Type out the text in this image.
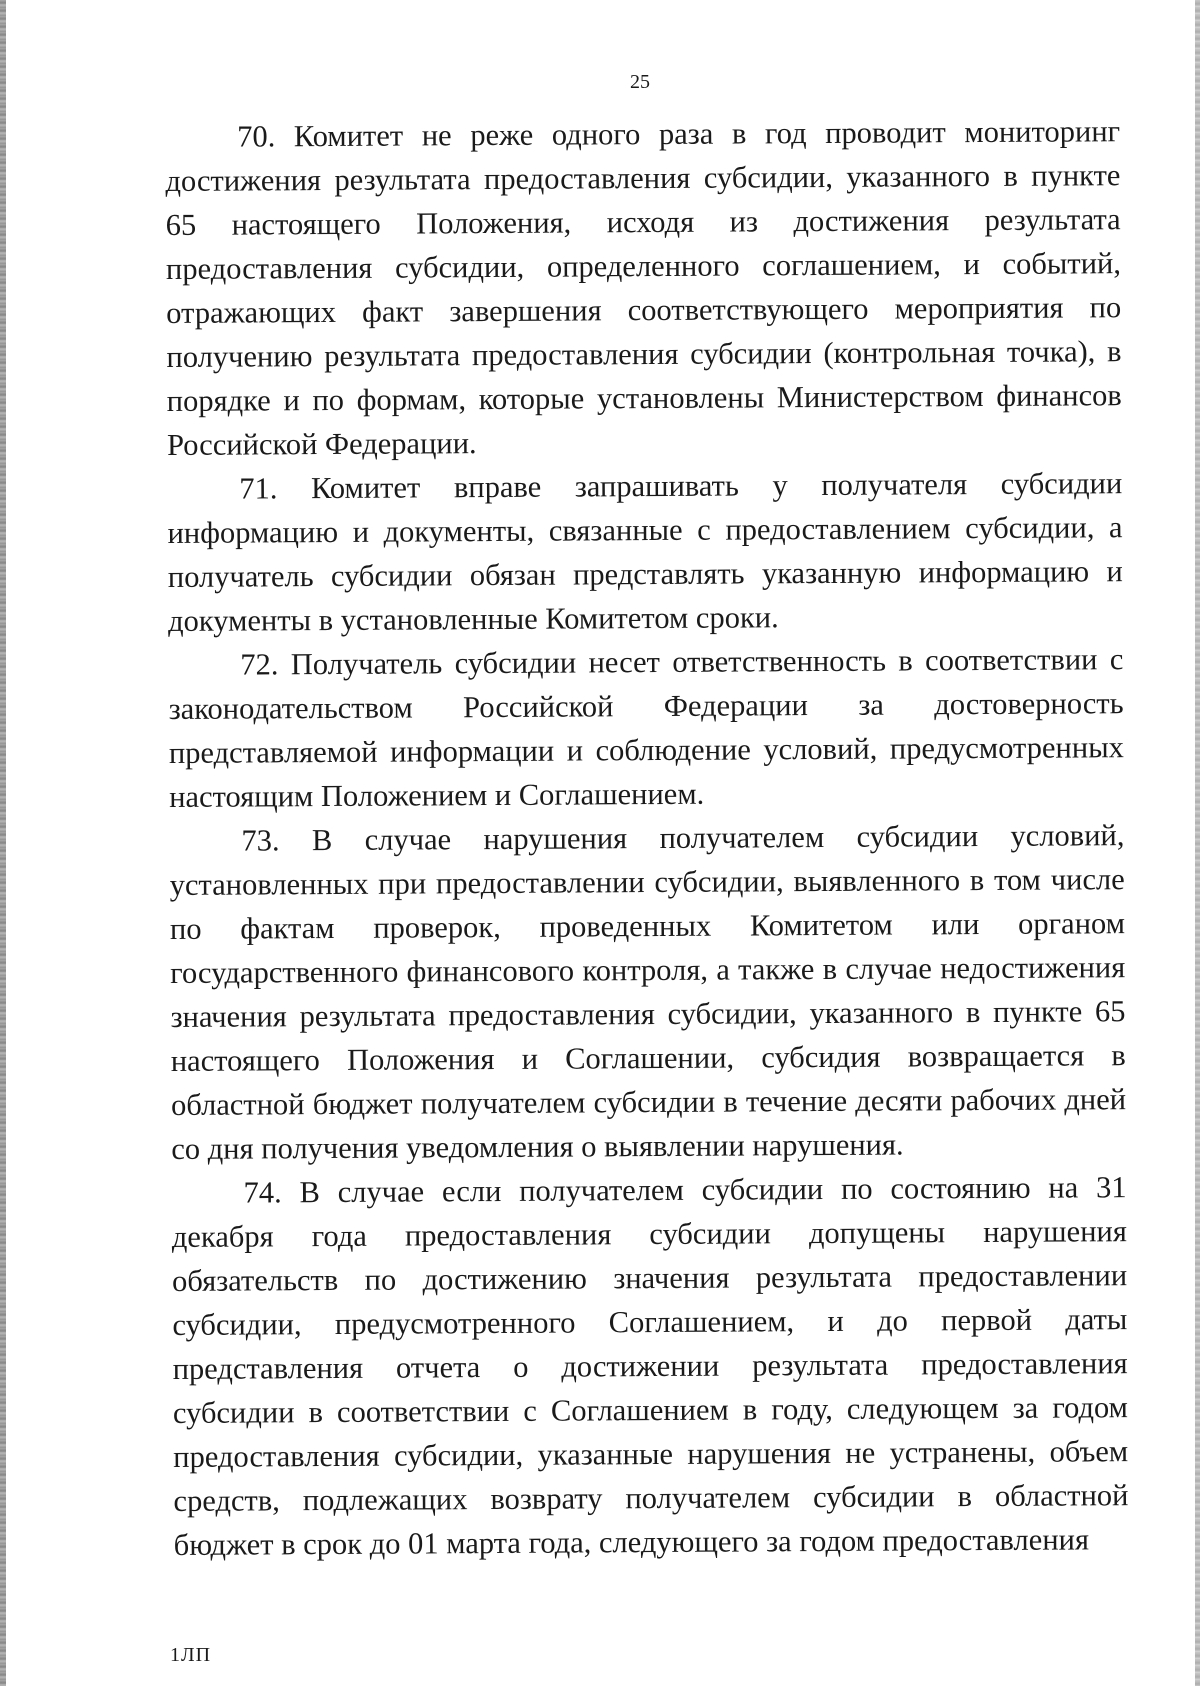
25

70. Комитет не реже одного раза в год проводит мониторинг достижения результата предоставления субсидии, указанного в пункте 65 настоящего Положения, исходя из достижения результата предоставления субсидии, определенного соглашением, и событий, отражающих факт завершения соответствующего мероприятия по получению результата предоставления субсидии (контрольная точка), в порядке и по формам, которые установлены Министерством финансов Российской Федерации.

71. Комитет вправе запрашивать у получателя субсидии информацию и документы, связанные с предоставлением субсидии, а получатель субсидии обязан представлять указанную информацию и документы в установленные Комитетом сроки.

72. Получатель субсидии несет ответственность в соответствии с законодательством Российской Федерации за достоверность представляемой информации и соблюдение условий, предусмотренных настоящим Положением и Соглашением.

73. В случае нарушения получателем субсидии условий, установленных при предоставлении субсидии, выявленного в том числе по фактам проверок, проведенных Комитетом или органом государственного финансового контроля, а также в случае недостижения значения результата предоставления субсидии, указанного в пункте 65 настоящего Положения и Соглашении, субсидия возвращается в областной бюджет получателем субсидии в течение десяти рабочих дней со дня получения уведомления о выявлении нарушения.

74. В случае если получателем субсидии по состоянию на 31 декабря года предоставления субсидии допущены нарушения обязательств по достижению значения результата предоставлении субсидии, предусмотренного Соглашением, и до первой даты представления отчета о достижении результата предоставления субсидии в соответствии с Соглашением в году, следующем за годом предоставления субсидии, указанные нарушения не устранены, объем средств, подлежащих возврату получателем субсидии в областной бюджет в срок до 01 марта года, следующего за годом предоставления

1ЛП
